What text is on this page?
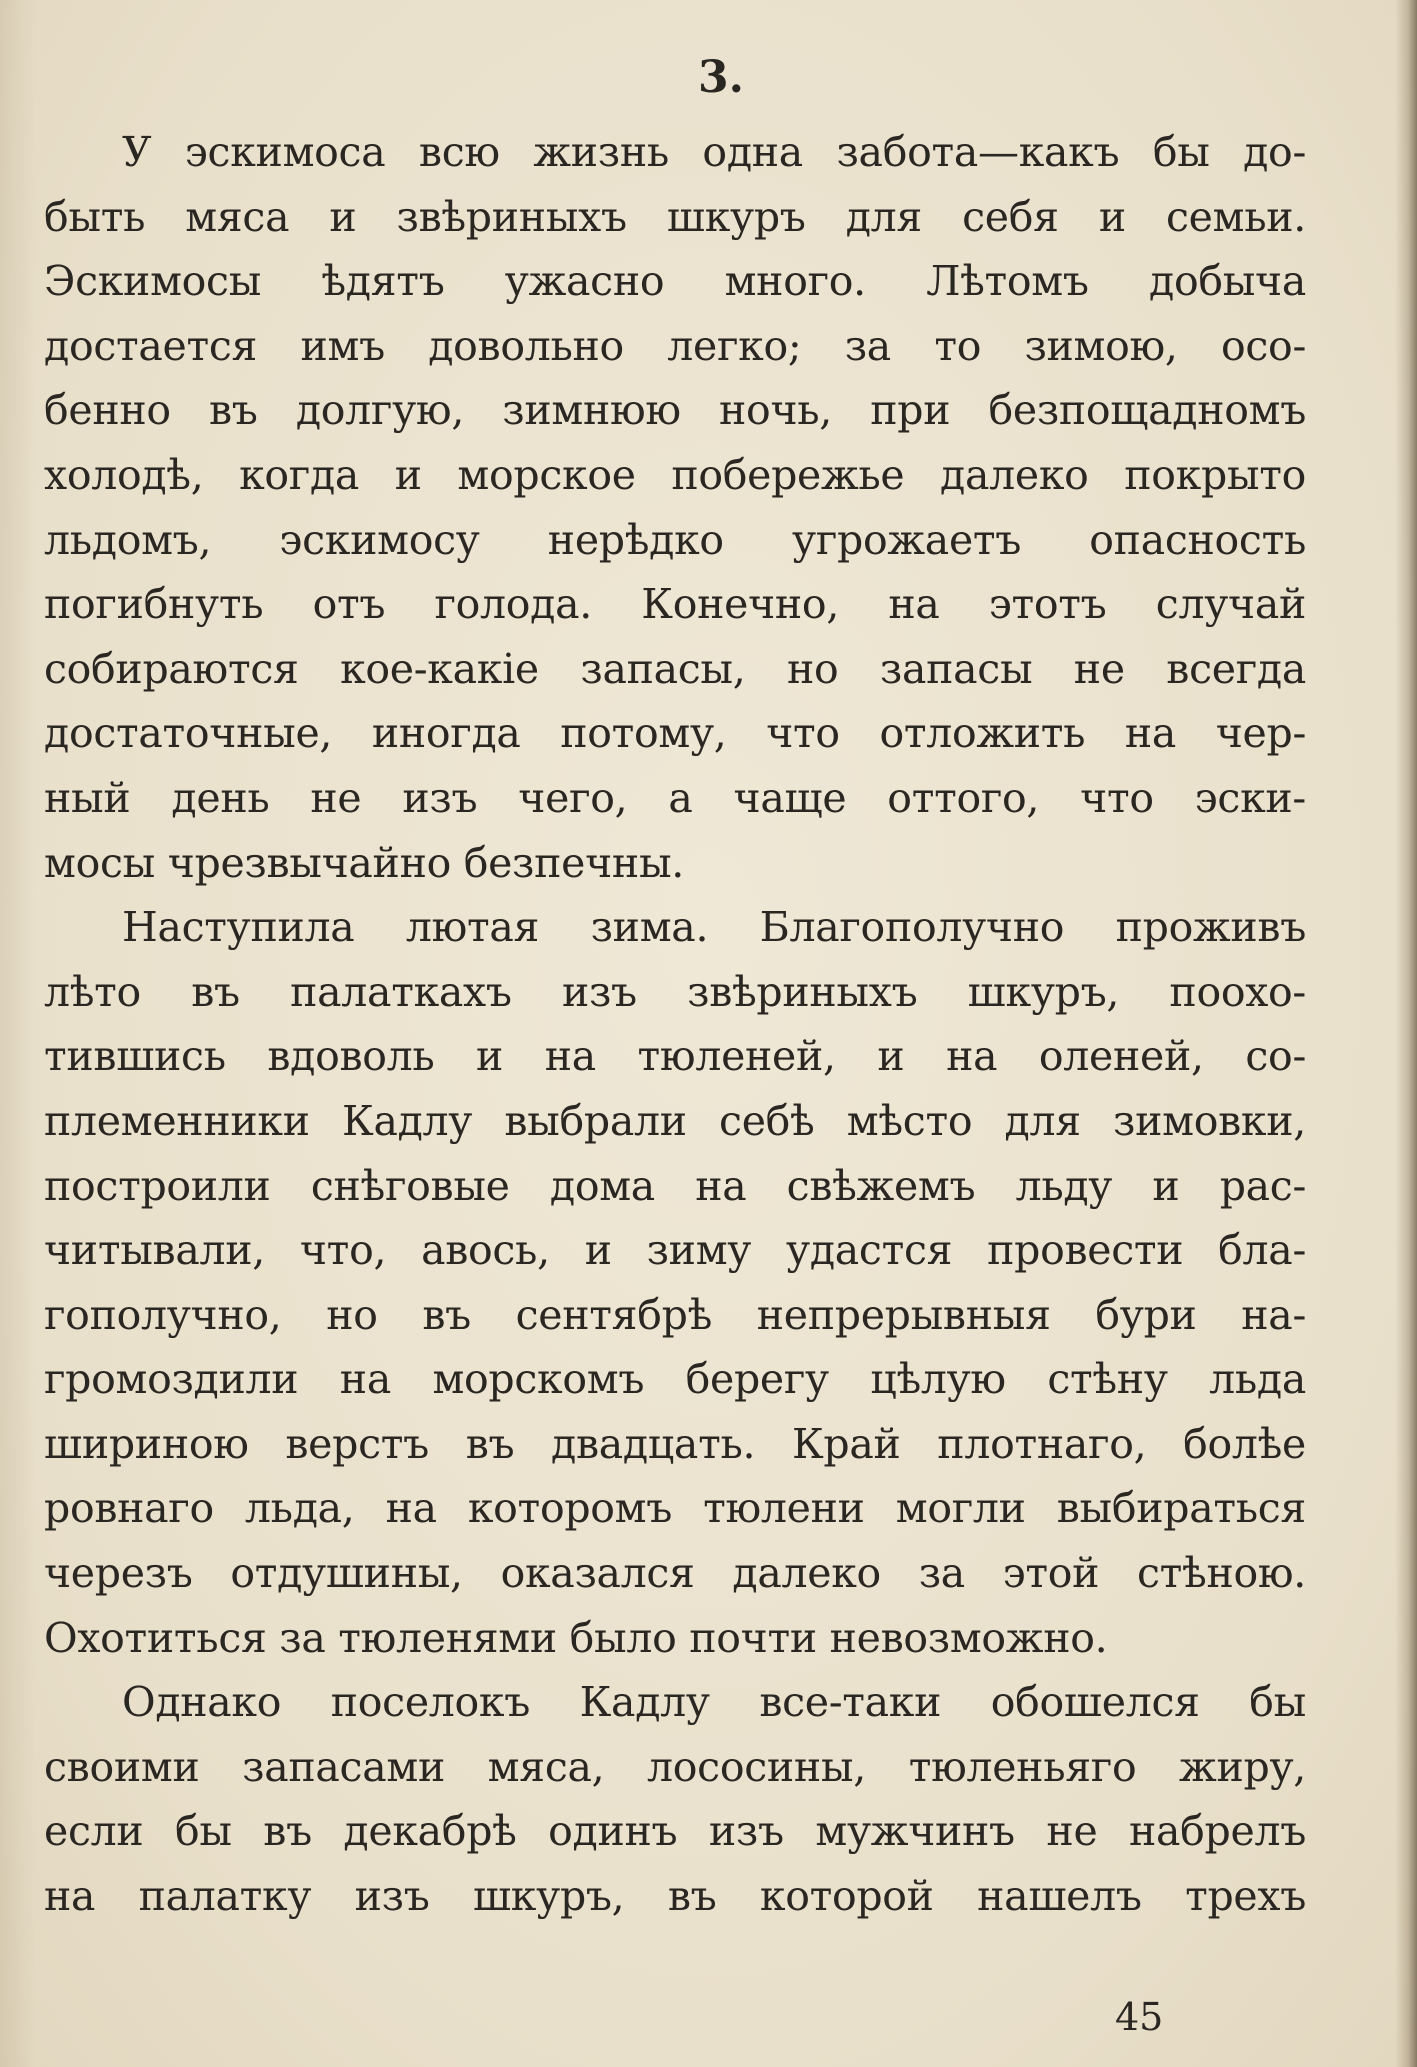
3.

У эскимоса всю жизнь одна забота—какъ бы до-
быть мяса и звѣриныхъ шкуръ для себя и семьи.
Эскимосы ѣдятъ ужасно много. Лѣтомъ добыча
достается имъ довольно легко; за то зимою, осо-
бенно въ долгую, зимнюю ночь, при безпощадномъ
холодѣ, когда и морское побережье далеко покрыто
льдомъ, эскимосу нерѣдко угрожаетъ опасность
погибнуть отъ голода. Конечно, на этотъ случай
собираются кое-какіе запасы, но запасы не всегда
достаточные, иногда потому, что отложить на чер-
ный день не изъ чего, а чаще оттого, что эски-
мосы чрезвычайно безпечны.

Наступила лютая зима. Благополучно проживъ
лѣто въ палаткахъ изъ звѣриныхъ шкуръ, поохо-
тившись вдоволь и на тюленей, и на оленей, со-
племенники Кадлу выбрали себѣ мѣсто для зимовки,
построили снѣговые дома на свѣжемъ льду и рас-
читывали, что, авось, и зиму удастся провести бла-
гополучно, но въ сентябрѣ непрерывныя бури на-
громоздили на морскомъ берегу цѣлую стѣну льда
шириною верстъ въ двадцать. Край плотнаго, болѣе
ровнаго льда, на которомъ тюлени могли выбираться
черезъ отдушины, оказался далеко за этой стѣною.
Охотиться за тюленями было почти невозможно.

Однако поселокъ Кадлу все-таки обошелся бы
своими запасами мяса, лососины, тюленьяго жиру,
если бы въ декабрѣ одинъ изъ мужчинъ не набрелъ
на палатку изъ шкуръ, въ которой нашелъ трехъ

45
